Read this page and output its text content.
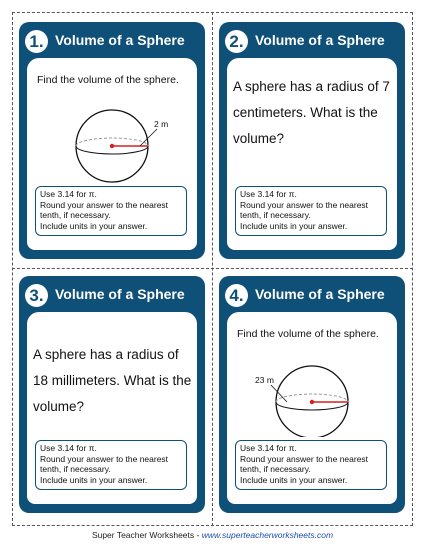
1. Volume of a Sphere
Find the volume of the sphere.
2 m
Use 3.14 for π.
Round your answer to the nearest
tenth, if necessary.
Include units in your answer.
2. Volume of a Sphere
A sphere has a radius of 7 centimeters. What is the volume?
Use 3.14 for π.
Round your answer to the nearest
tenth, if necessary.
Include units in your answer.
3. Volume of a Sphere
A sphere has a radius of 18 millimeters. What is the volume?
Use 3.14 for π.
Round your answer to the nearest
tenth, if necessary.
Include units in your answer.
4. Volume of a Sphere
Find the volume of the sphere.
23 m
Use 3.14 for π.
Round your answer to the nearest
tenth, if necessary.
Include units in your answer.
Super Teacher Worksheets - www.superteacherworksheets.com
